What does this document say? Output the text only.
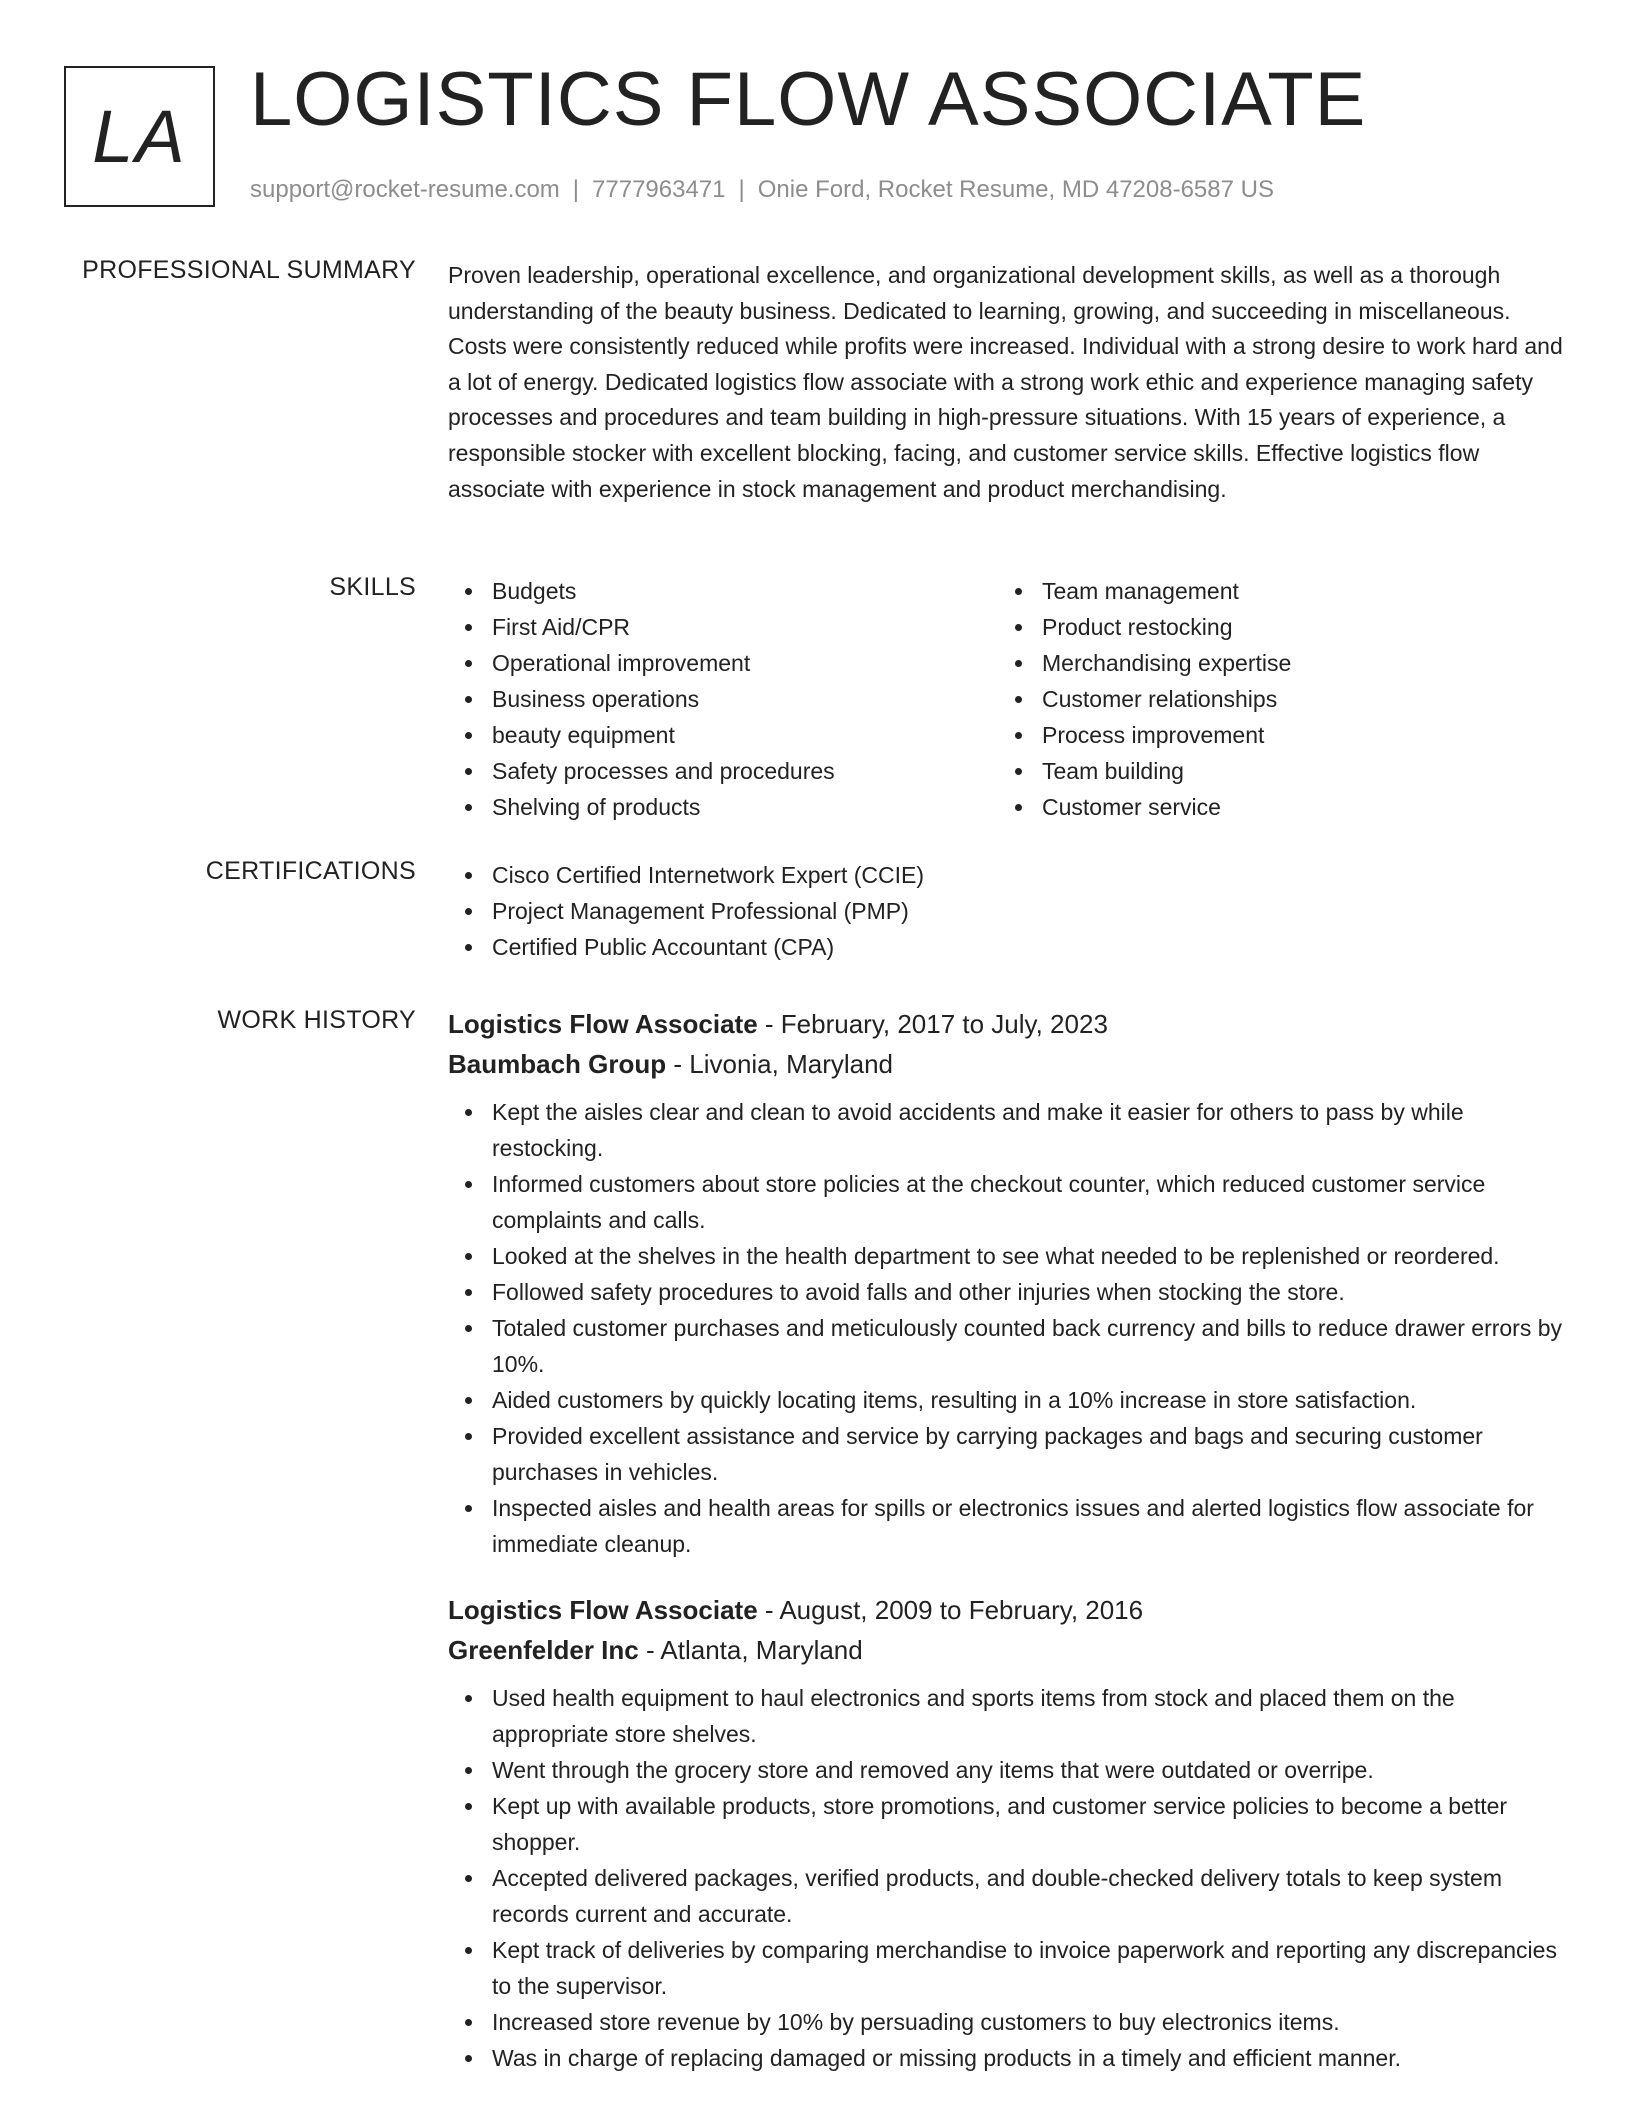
LA LOGISTICS FLOW ASSOCIATE
support@rocket-resume.com | 7777963471 | Onie Ford, Rocket Resume, MD 47208-6587 US
PROFESSIONAL SUMMARY Proven leadership, operational excellence, and organizational development skills, as well as a thorough understanding of the beauty business. Dedicated to learning, growing, and succeeding in miscellaneous. Costs were consistently reduced while profits were increased. Individual with a strong desire to work hard and a lot of energy. Dedicated logistics flow associate with a strong work ethic and experience managing safety processes and procedures and team building in high-pressure situations. With 15 years of experience, a responsible stocker with excellent blocking, facing, and customer service skills. Effective logistics flow associate with experience in stock management and product merchandising.

SKILLS	Budgets
First Aid/CPR
Operational improvement
Business operations
beauty equipment
Safety processes and procedures
Shelving of products
Team management
Product restocking
Merchandising expertise
Customer relationships
Process improvement
Team building
Customer service
CERTIFICATIONS	Cisco Certified Internetwork Expert (CCIE)
Project Management Professional (PMP)
Certified Public Accountant (CPA)
WORK HISTORY Logistics Flow Associate - February, 2017 to July, 2023
Baumbach Group - Livonia, Maryland
Kept the aisles clear and clean to avoid accidents and make it easier for others to pass by while restocking.
Informed customers about store policies at the checkout counter, which reduced customer service complaints and calls.
Looked at the shelves in the health department to see what needed to be replenished or reordered.
Followed safety procedures to avoid falls and other injuries when stocking the store.
Totaled customer purchases and meticulously counted back currency and bills to reduce drawer errors by 10%.
Aided customers by quickly locating items, resulting in a 10% increase in store satisfaction.
Provided excellent assistance and service by carrying packages and bags and securing customer purchases in vehicles.
Inspected aisles and health areas for spills or electronics issues and alerted logistics flow associate for immediate cleanup.
Logistics Flow Associate - August, 2009 to February, 2016
Greenfelder Inc - Atlanta, Maryland
Used health equipment to haul electronics and sports items from stock and placed them on the appropriate store shelves.
Went through the grocery store and removed any items that were outdated or overripe.
Kept up with available products, store promotions, and customer service policies to become a better shopper.
Accepted delivered packages, verified products, and double-checked delivery totals to keep system records current and accurate.
Kept track of deliveries by comparing merchandise to invoice paperwork and reporting any discrepancies to the supervisor.
Increased store revenue by 10% by persuading customers to buy electronics items.
Was in charge of replacing damaged or missing products in a timely and efficient manner.
